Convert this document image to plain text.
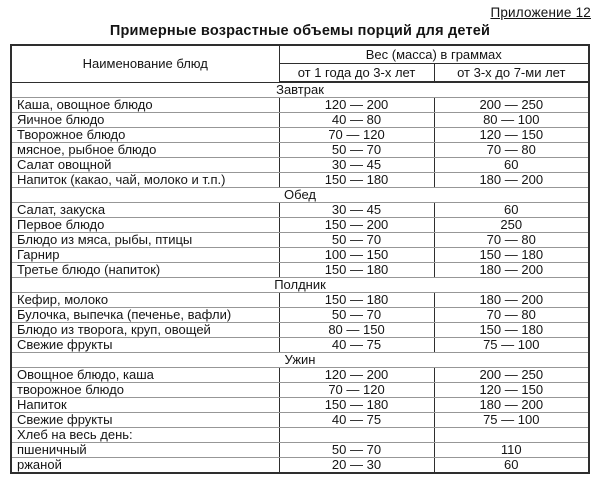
Приложение 12
Примерные возрастные объемы порций для детей
Наименование блюд	Вес (масса) в граммах	
	от 1 года до 3-х лет	от 3-х до 7-ми лет
Завтрак		
Каша, овощное блюдо	120 — 200	200 — 250
Яичное блюдо	40 — 80	80 — 100
Творожное блюдо	70 — 120	120 — 150
мясное, рыбное блюдо	50 — 70	70 — 80
Салат овощной	30 — 45	60
Напиток (какао, чай, молоко и т.п.)	150 — 180	180 — 200
Обед		
Салат, закуска	30 — 45	60
Первое блюдо	150 — 200	250
Блюдо из мяса, рыбы, птицы	50 — 70	70 — 80
Гарнир	100 — 150	150 — 180
Третье блюдо (напиток)	150 — 180	180 — 200
Полдник		
Кефир, молоко	150 — 180	180 — 200
Булочка, выпечка (печенье, вафли)	50 — 70	70 — 80
Блюдо из творога, круп, овощей	80 — 150	150 — 180
Свежие фрукты	40 — 75	75 — 100
Ужин		
Овощное блюдо, каша	120 — 200	200 — 250
творожное блюдо	70 — 120	120 — 150
Напиток	150 — 180	180 — 200
Свежие фрукты	40 — 75	75 — 100
Хлеб на весь день:		
пшеничный	50 — 70	110
ржаной	20 — 30	60
